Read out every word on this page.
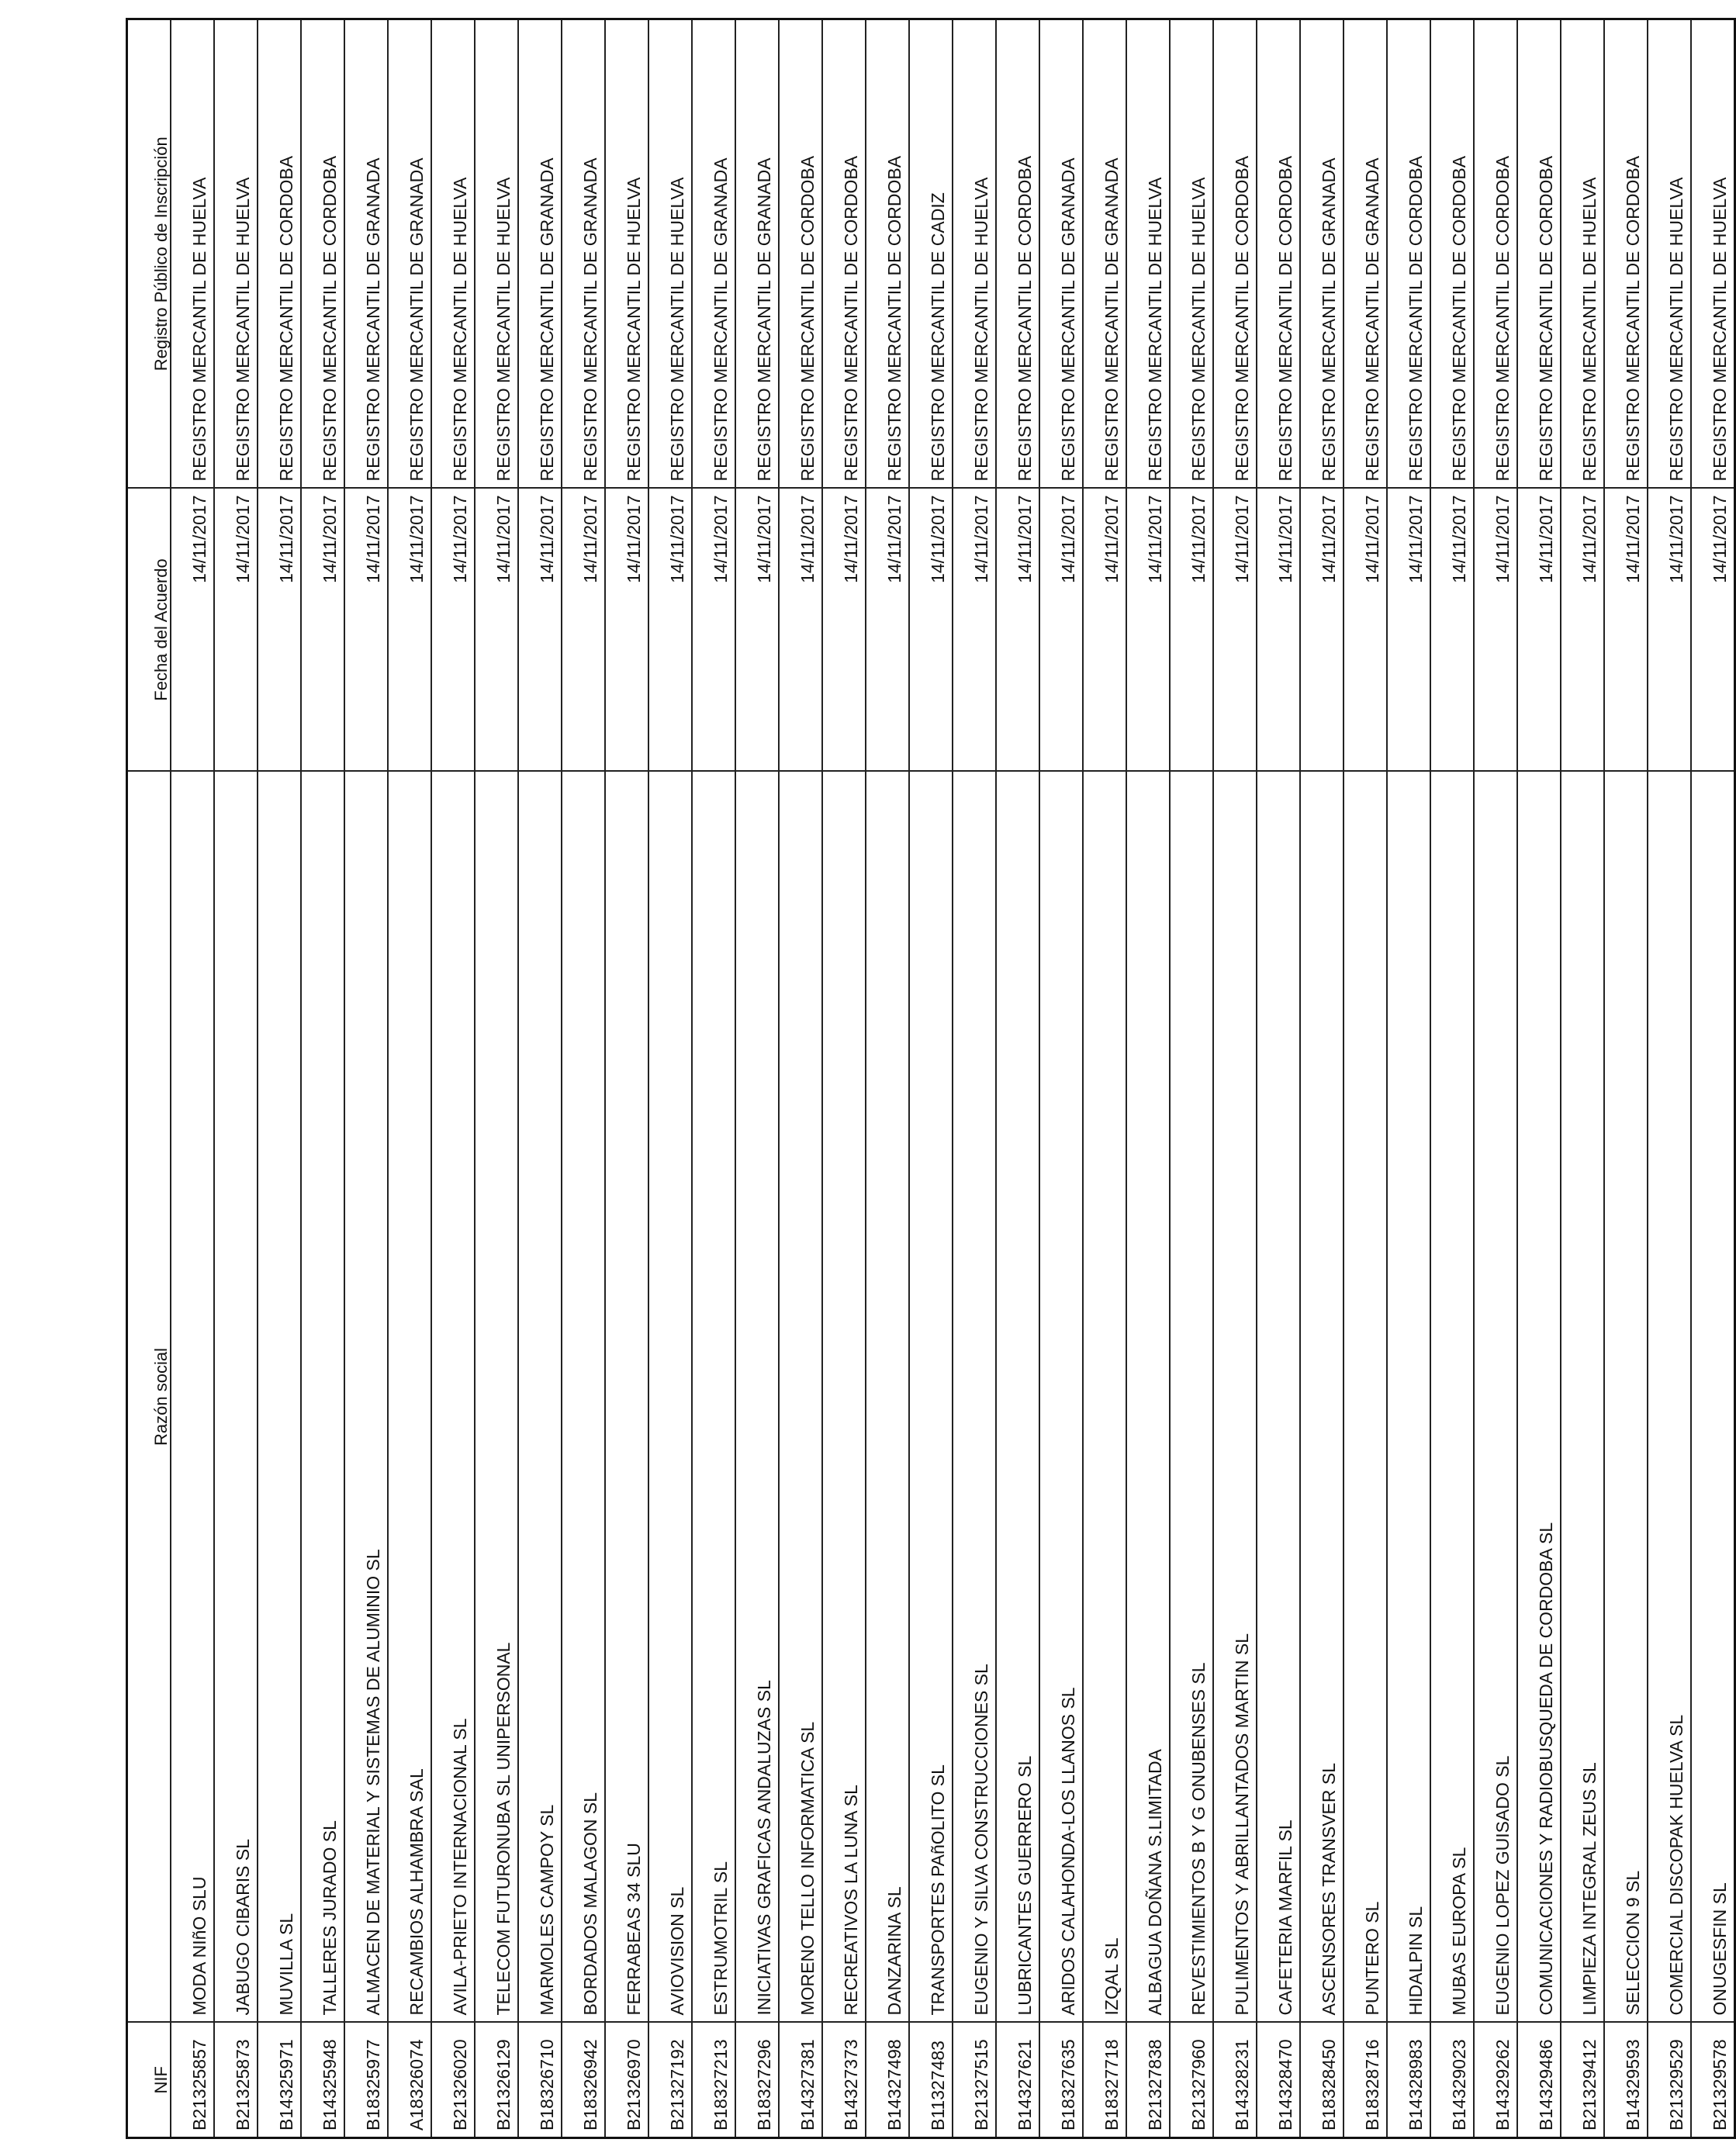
NIF	Razón social	Fecha del Acuerdo	Registro Público de Inscripción
B21325857	MODA NIñO SLU	14/11/2017	REGISTRO MERCANTIL DE HUELVA
B21325873	JABUGO CIBARIS SL	14/11/2017	REGISTRO MERCANTIL DE HUELVA
B14325971	MUVILLA SL	14/11/2017	REGISTRO MERCANTIL DE CORDOBA
B14325948	TALLERES JURADO SL	14/11/2017	REGISTRO MERCANTIL DE CORDOBA
B18325977	ALMACEN DE MATERIAL Y SISTEMAS DE ALUMINIO SL	14/11/2017	REGISTRO MERCANTIL DE GRANADA
A18326074	RECAMBIOS ALHAMBRA SAL	14/11/2017	REGISTRO MERCANTIL DE GRANADA
B21326020	AVILA-PRIETO INTERNACIONAL SL	14/11/2017	REGISTRO MERCANTIL DE HUELVA
B21326129	TELECOM FUTURONUBA SL UNIPERSONAL	14/11/2017	REGISTRO MERCANTIL DE HUELVA
B18326710	MARMOLES CAMPOY SL	14/11/2017	REGISTRO MERCANTIL DE GRANADA
B18326942	BORDADOS MALAGON SL	14/11/2017	REGISTRO MERCANTIL DE GRANADA
B21326970	FERRABEAS 34 SLU	14/11/2017	REGISTRO MERCANTIL DE HUELVA
B21327192	AVIOVISION SL	14/11/2017	REGISTRO MERCANTIL DE HUELVA
B18327213	ESTRUMOTRIL SL	14/11/2017	REGISTRO MERCANTIL DE GRANADA
B18327296	INICIATIVAS GRAFICAS ANDALUZAS SL	14/11/2017	REGISTRO MERCANTIL DE GRANADA
B14327381	MORENO TELLO INFORMATICA SL	14/11/2017	REGISTRO MERCANTIL DE CORDOBA
B14327373	RECREATIVOS LA LUNA SL	14/11/2017	REGISTRO MERCANTIL DE CORDOBA
B14327498	DANZARINA SL	14/11/2017	REGISTRO MERCANTIL DE CORDOBA
B11327483	TRANSPORTES PAñOLITO SL	14/11/2017	REGISTRO MERCANTIL DE CADIZ
B21327515	EUGENIO Y SILVA CONSTRUCCIONES SL	14/11/2017	REGISTRO MERCANTIL DE HUELVA
B14327621	LUBRICANTES GUERRERO SL	14/11/2017	REGISTRO MERCANTIL DE CORDOBA
B18327635	ARIDOS CALAHONDA-LOS LLANOS SL	14/11/2017	REGISTRO MERCANTIL DE GRANADA
B18327718	IZQAL SL	14/11/2017	REGISTRO MERCANTIL DE GRANADA
B21327838	ALBAGUA DOÑANA S.LIMITADA	14/11/2017	REGISTRO MERCANTIL DE HUELVA
B21327960	REVESTIMIENTOS B Y G ONUBENSES SL	14/11/2017	REGISTRO MERCANTIL DE HUELVA
B14328231	PULIMENTOS Y ABRILLANTADOS MARTIN SL	14/11/2017	REGISTRO MERCANTIL DE CORDOBA
B14328470	CAFETERIA MARFIL SL	14/11/2017	REGISTRO MERCANTIL DE CORDOBA
B18328450	ASCENSORES TRANSVER SL	14/11/2017	REGISTRO MERCANTIL DE GRANADA
B18328716	PUNTERO SL	14/11/2017	REGISTRO MERCANTIL DE GRANADA
B14328983	HIDALPIN SL	14/11/2017	REGISTRO MERCANTIL DE CORDOBA
B14329023	MUBAS EUROPA SL	14/11/2017	REGISTRO MERCANTIL DE CORDOBA
B14329262	EUGENIO LOPEZ GUISADO SL	14/11/2017	REGISTRO MERCANTIL DE CORDOBA
B14329486	COMUNICACIONES Y RADIOBUSQUEDA DE CORDOBA SL	14/11/2017	REGISTRO MERCANTIL DE CORDOBA
B21329412	LIMPIEZA INTEGRAL ZEUS SL	14/11/2017	REGISTRO MERCANTIL DE HUELVA
B14329593	SELECCION 9 SL	14/11/2017	REGISTRO MERCANTIL DE CORDOBA
B21329529	COMERCIAL DISCOPAK HUELVA SL	14/11/2017	REGISTRO MERCANTIL DE HUELVA
B21329578	ONUGESFIN SL	14/11/2017	REGISTRO MERCANTIL DE HUELVA
